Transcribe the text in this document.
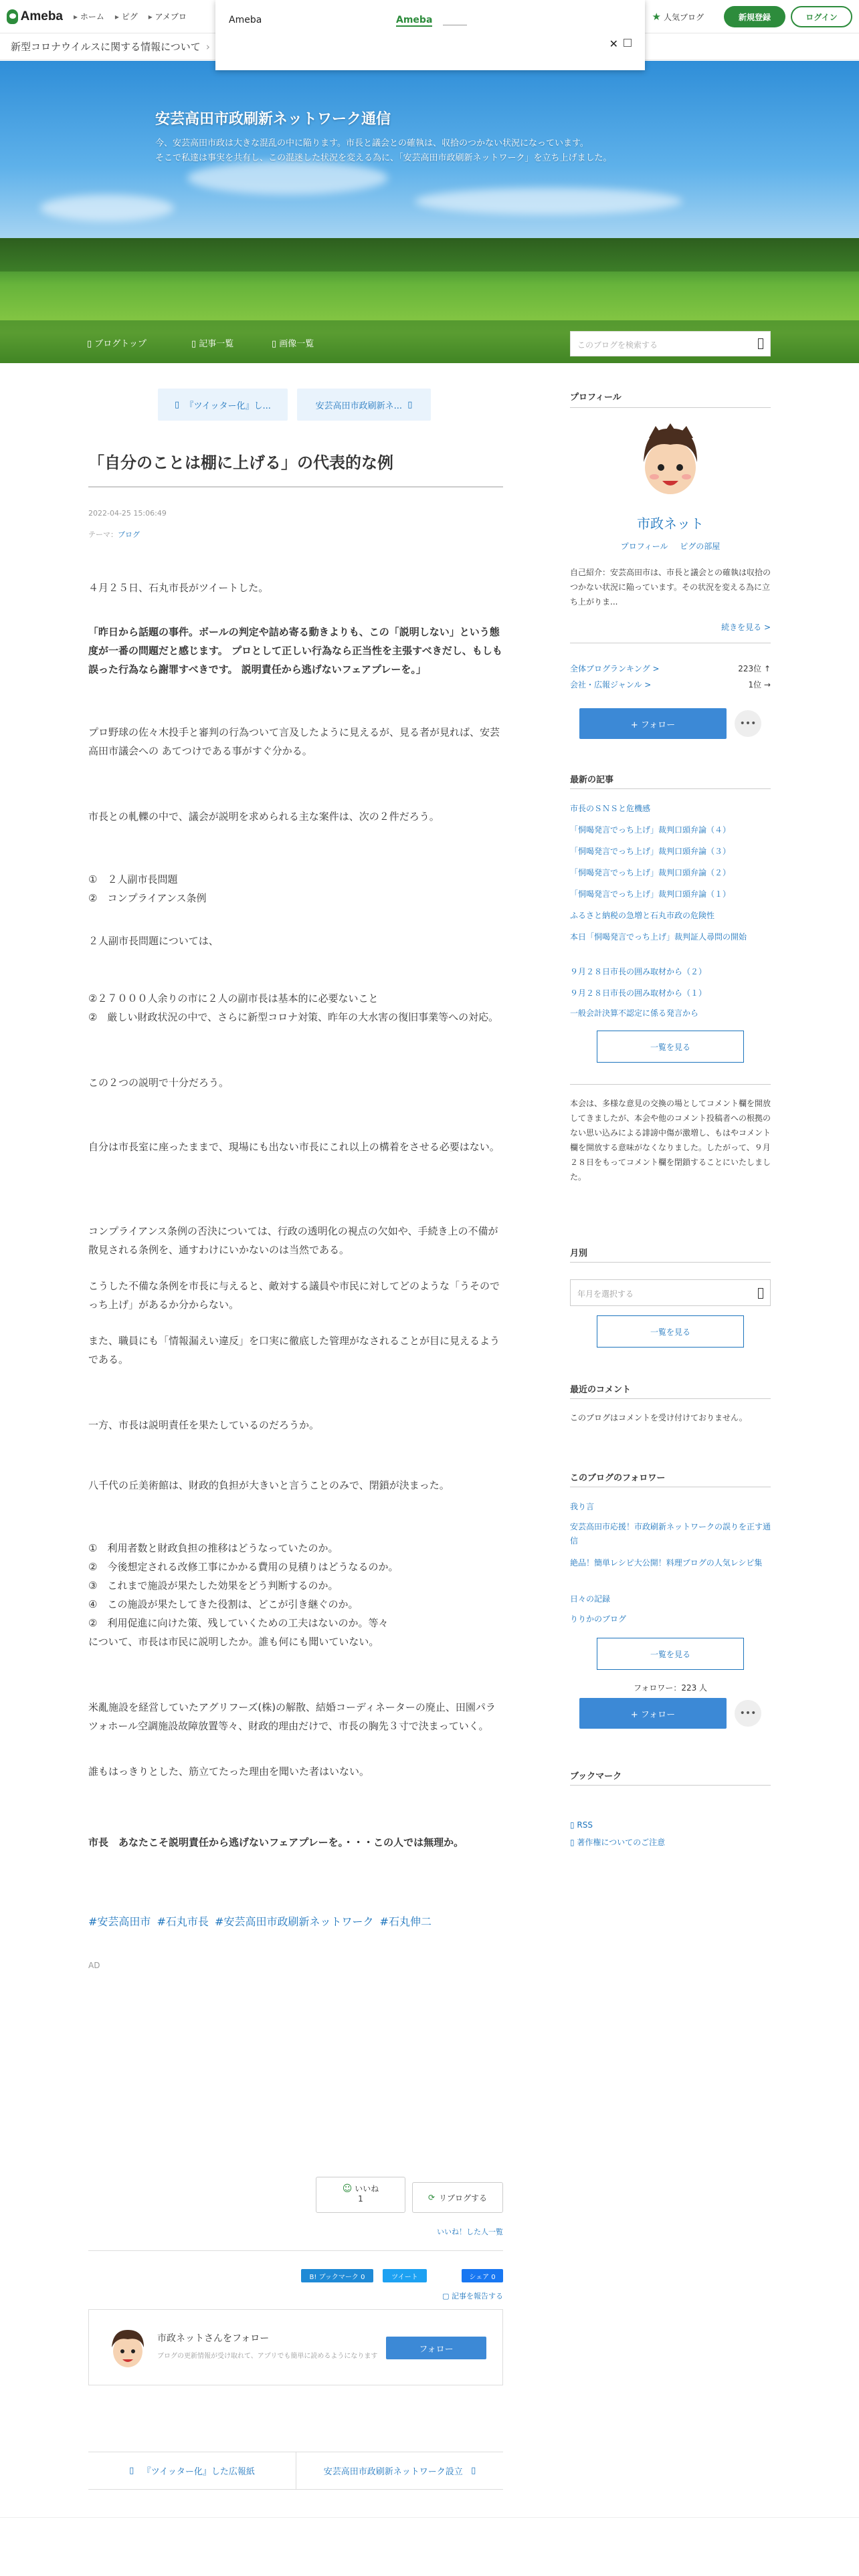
Ameba	▸ ホーム	▸ ピグ	▸ アメブロ	★ 人気ブログ	新規登録	ログイン
新型コロナウイルスに関する情報について ›
Ameba	Ameba
✕
安芸高田市政刷新ネットワーク通信

今、安芸高田市政は大きな混乱の中に陥ります。市長と議会との確執は、収拾のつかない状況になっています。
そこで私達は事実を共有し、この混迷した状況を変える為に、「安芸高田市政刷新ネットワーク」を立ち上げました。

▯ ブログトップ	▯ 記事一覧	▯ 画像一覧	このブログを検索する
▯ 『ツイッター化』し...	安芸高田市政刷新ネ... ▯
「自分のことは棚に上げる」の代表的な例
2022-04-25 15:06:49
テーマ：ブログ

４月２５日、石丸市長がツイートした。

「昨日から話題の事件。ボールの判定や詰め寄る動きよりも、この「説明しない」という態度が一番の問題だと感じます。 プロとして正しい行為なら正当性を主張すべきだし、もしも誤った行為なら謝罪すべきです。 説明責任から逃げないフェアプレーを。」

プロ野球の佐々木投手と審判の行為ついて言及したように見えるが、見る者が見れば、安芸高田市議会への あてつけである事がすぐ分かる。

市長との軋轢の中で、議会が説明を求められる主な案件は、次の２件だろう。

①　２人副市長問題

②　コンプライアンス条例

２人副市長問題については、

②２７０００人余りの市に２人の副市長は基本的に必要ないこと

②　厳しい財政状況の中で、さらに新型コロナ対策、昨年の大水害の復旧事業等への対応。

この２つの説明で十分だろう。

自分は市長室に座ったままで、現場にも出ない市長にこれ以上の構着をさせる必要はない。

コンプライアンス条例の否決については、行政の透明化の視点の欠如や、手続き上の不備が散見される条例を、通すわけにいかないのは当然である。

こうした不備な条例を市長に与えると、敵対する議員や市民に対してどのような「うそのでっち上げ」があるか分からない。

また、職員にも「情報漏えい違反」を口実に徹底した管理がなされることが目に見えるようである。

一方、市長は説明責任を果たしているのだろうか。

八千代の丘美術館は、財政的負担が大きいと言うことのみで、閉鎖が決まった。

①　利用者数と財政負担の推移はどうなっていたのか。

②　今後想定される改修工事にかかる費用の見積りはどうなるのか。

③　これまで施設が果たした効果をどう判断するのか。

④　この施設が果たしてきた役割は、どこが引き継ぐのか。

②　利用促進に向けた策、残していくための工夫はないのか。等々

について、市長は市民に説明したか。誰も何にも聞いていない。

米亂施設を経営していたアグリフーズ(株)の解散、結婚コーディネーターの廃止、田園パラツォホール空調施設故障放置等々、財政的理由だけで、市長の胸先３寸で決まっていく。

誰もはっきりとした、筋立てたった理由を聞いた者はいない。

市長　あなたこそ説明責任から逃げないフェアプレーを。・・・この人では無理か。

#安芸高田市 #石丸市長 #安芸高田市政刷新ネットワーク #石丸伸二
AD
☺ いいね
1	⟳ リブログする
いいね！した人一覧
B! ブックマーク 0	ツイート	シェア 0
▢ 記事を報告する
市政ネットさんをフォロー
ブログの更新情報が受け取れて、アプリでも簡単に読めるようになります
フォロー
▯ 『ツイッター化』した広報紙	安芸高田市政刷新ネットワーク設立 ▯
プロフィール
市政ネット
プロフィール ピグの部屋
自己紹介：安芸高田市は、市長と議会との確執は収拾のつかない状況に陥っています。その状況を変える為に立ち上がりま...
続きを見る >
全体ブログランキング >	223位 ↑
会社・広報ジャンル >	1位 →
+ フォロー	•••
最新の記事
市長のＳＮＳと危機感
「恫喝発言でっち上げ」裁判口頭弁論（４）
「恫喝発言でっち上げ」裁判口頭弁論（３）
「恫喝発言でっち上げ」裁判口頭弁論（２）
「恫喝発言でっち上げ」裁判口頭弁論（１）
ふるさと納税の急増と石丸市政の危険性
本日「恫喝発言でっち上げ」裁判証人尋問の開始
９月２８日市長の囲み取材から（２）
９月２８日市長の囲み取材から（１）
一般会計決算不認定に係る発言から
一覧を見る
本会は、多様な意見の交換の場としてコメント欄を開放してきましたが、本会や他のコメント投稿者への根拠のない思い込みによる誹謗中傷が激増し、もはやコメント欄を開放する意味がなくなりました。したがって、９月２８日をもってコメント欄を閉鎖することにいたしました。
月別
年月を選択する
一覧を見る
最近のコメント
このブログはコメントを受け付けておりません。
このブログのフォロワー
我り言
安芸高田市応援！市政刷新ネットワークの誤りを正す通信
絶品！簡単レシピ大公開！料理ブログの人気レシピ集
日々の記録
りりかのブログ
一覧を見る
フォロワー：223 人
+ フォロー	•••
ブックマーク
▯ RSS
▯ 著作権についてのご注意
